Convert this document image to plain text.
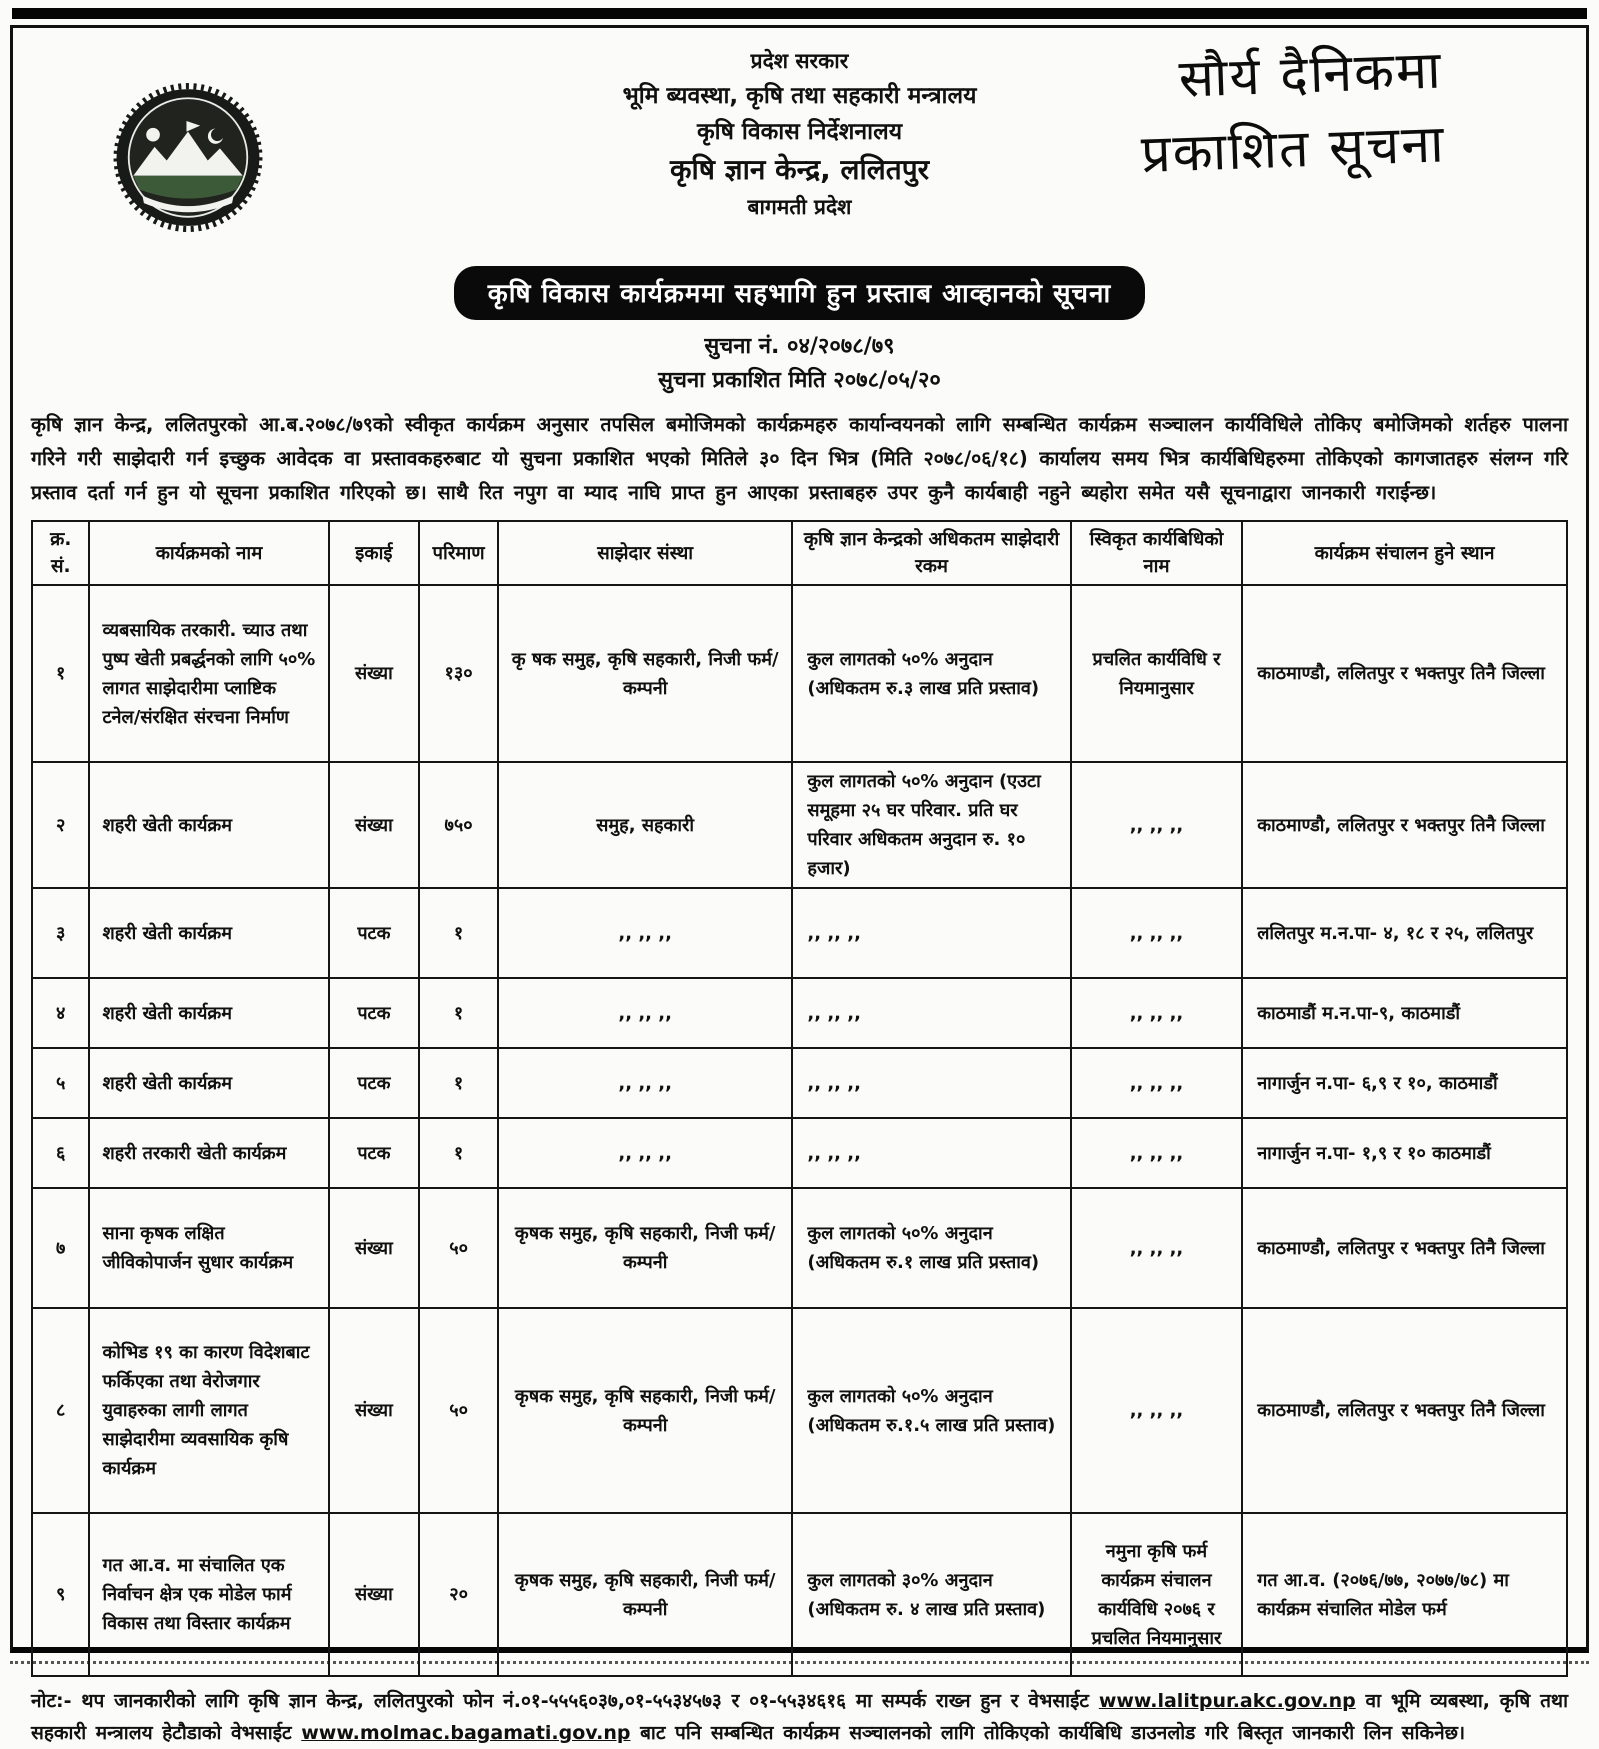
प्रदेश सरकार
भूमि ब्यवस्था, कृषि तथा सहकारी मन्त्रालय
कृषि विकास निर्देशनालय
कृषि ज्ञान केन्द्र, ललितपुर
बागमती प्रदेश
सौर्य दैनिकमा
प्रकाशित सूचना
कृषि विकास कार्यक्रममा सहभागि हुन प्रस्ताब आव्हानको सूचना
सुचना नं. ०४/२०७८/७९
सुचना प्रकाशित मिति २०७८/०५/२०

कृषि ज्ञान केन्द्र, ललितपुरको आ.ब.२०७८/७९को स्वीकृत कार्यक्रम अनुसार तपसिल बमोजिमको कार्यक्रमहरु कार्यान्वयनको लागि सम्बन्धित कार्यक्रम सञ्चालन कार्यविधिले तोकिए बमोजिमको शर्तहरु पालना गरिने गरी साझेदारी गर्न इच्छुक आवेदक वा प्रस्तावकहरुबाट यो सुचना प्रकाशित भएको मितिले ३० दिन भित्र (मिति २०७८/०६/१८) कार्यालय समय भित्र कार्यबिधिहरुमा तोकिएको कागजातहरु संलग्न गरि प्रस्ताव दर्ता गर्न हुन यो सूचना प्रकाशित गरिएको छ। साथै रित नपुग वा म्याद नाघि प्राप्त हुन आएका प्रस्ताबहरु उपर कुनै कार्यबाही नहुने ब्यहोरा समेत यसै सूचनाद्वारा जानकारी गराईन्छ।

क्र. सं.	कार्यक्रमको नाम	इकाई	परिमाण	साझेदार संस्था	कृषि ज्ञान केन्द्रको अधिकतम साझेदारी रकम	स्विकृत कार्यबिधिको नाम	कार्यक्रम संचालन हुने स्थान
१	व्यबसायिक तरकारी. च्याउ तथा पुष्प खेती प्रबर्द्धनको लागि ५०% लागत साझेदारीमा प्लाष्टिक टनेल/संरक्षित संरचना निर्माण	संख्या	१३०	कृ षक समुह, कृषि सहकारी, निजी फर्म/कम्पनी	कुल लागतको ५०% अनुदान (अधिकतम रु.३ लाख प्रति प्रस्ताव)	प्रचलित कार्यविधि र नियमानुसार	काठमाण्डौ, ललितपुर र भक्तपुर तिनै जिल्ला
२	शहरी खेती कार्यक्रम	संख्या	७५०	समुह, सहकारी	कुल लागतको ५०% अनुदान (एउटा समूहमा २५ घर परिवार. प्रति घर परिवार अधिकतम अनुदान रु. १० हजार)	,, ,, ,,	काठमाण्डौ, ललितपुर र भक्तपुर तिनै जिल्ला
३	शहरी खेती कार्यक्रम	पटक	१	,, ,, ,,	,, ,, ,,	,, ,, ,,	ललितपुर म.न.पा- ४, १८ र २५, ललितपुर
४	शहरी खेती कार्यक्रम	पटक	१	,, ,, ,,	,, ,, ,,	,, ,, ,,	काठमाडौं म.न.पा-९, काठमाडौं
५	शहरी खेती कार्यक्रम	पटक	१	,, ,, ,,	,, ,, ,,	,, ,, ,,	नागार्जुन न.पा- ६,९ र १०, काठमाडौं
६	शहरी तरकारी खेती कार्यक्रम	पटक	१	,, ,, ,,	,, ,, ,,	,, ,, ,,	नागार्जुन न.पा- १,९ र १० काठमाडौं
७	साना कृषक लक्षित जीविकोपार्जन सुधार कार्यक्रम	संख्या	५०	कृषक समुह, कृषि सहकारी, निजी फर्म/कम्पनी	कुल लागतको ५०% अनुदान (अधिकतम रु.१ लाख प्रति प्रस्ताव)	,, ,, ,,	काठमाण्डौ, ललितपुर र भक्तपुर तिनै जिल्ला
८	कोभिड १९ का कारण विदेशबाट फर्किएका तथा वेरोजगार युवाहरुका लागी लागत साझेदारीमा व्यवसायिक कृषि कार्यक्रम	संख्या	५०	कृषक समुह, कृषि सहकारी, निजी फर्म/कम्पनी	कुल लागतको ५०% अनुदान (अधिकतम रु.१.५ लाख प्रति प्रस्ताव)	,, ,, ,,	काठमाण्डौ, ललितपुर र भक्तपुर तिनै जिल्ला
९	गत आ.व. मा संचालित एक निर्वाचन क्षेत्र एक मोडेल फार्म विकास तथा विस्तार कार्यक्रम	संख्या	२०	कृषक समुह, कृषि सहकारी, निजी फर्म/कम्पनी	कुल लागतको ३०% अनुदान (अधिकतम रु. ४ लाख प्रति प्रस्ताव)	नमुना कृषि फर्म कार्यक्रम संचालन कार्यविधि २०७६ र प्रचलित नियमानुसार	गत आ.व. (२०७६/७७, २०७७/७८) मा कार्यक्रम संचालित मोडेल फर्म

नोट:- थप जानकारीको लागि कृषि ज्ञान केन्द्र, ललितपुरको फोन नं.०१-५५५६०३७,०१-५५३४५७३ र ०१-५५३४६१६ मा सम्पर्क राख्न हुन र वेभसाईट www.lalitpur.akc.gov.np वा भूमि व्यबस्था, कृषि तथा सहकारी मन्त्रालय हेटौडाको वेभसाईट www.molmac.bagamati.gov.np बाट पनि सम्बन्धित कार्यक्रम सञ्चालनको लागि तोकिएको कार्यबिधि डाउनलोड गरि बिस्तृत जानकारी लिन सकिनेछ।
